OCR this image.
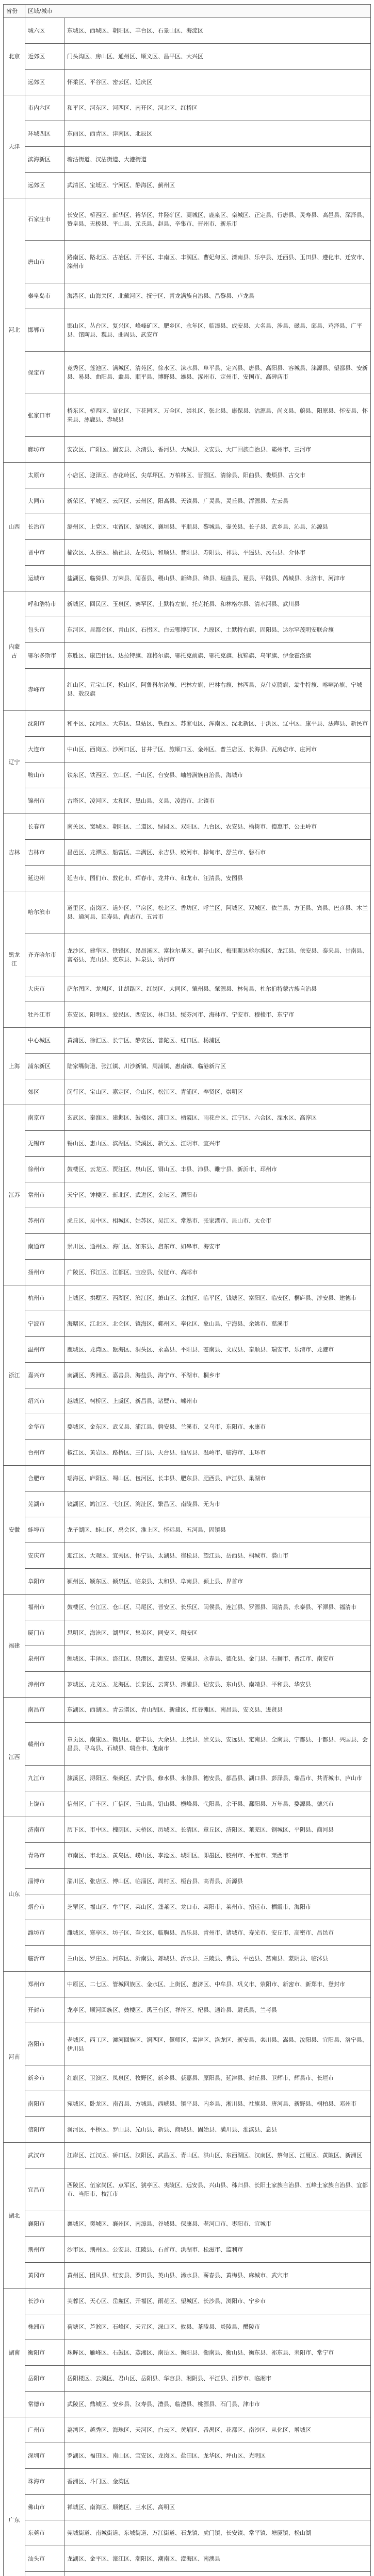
省份	区域/城市	
北京	城六区	东城区、西城区、朝阳区、丰台区、石景山区、海淀区
	近郊区	门头沟区、房山区、通州区、顺义区、昌平区、大兴区
	远郊区	怀柔区、平谷区、密云区、延庆区
天津	市内六区	和平区、河东区、河西区、南开区、河北区、红桥区
	环城四区	东丽区、西青区、津南区、北辰区
	滨海新区	塘沽街道、汉沽街道、大港街道
	远郊区	武清区、宝坻区、宁河区、静海区、蓟州区
河北	石家庄市	长安区、桥西区、新华区、裕华区、井陉矿区、藁城区、鹿泉区、栾城区、正定县、行唐县、灵寿县、高邑县、深泽县、赞皇县、无极县、平山县、元氏县、赵县、辛集市、晋州市、新乐市
	唐山市	路南区、路北区、古冶区、开平区、丰南区、丰润区、曹妃甸区、滦南县、乐亭县、迁西县、玉田县、遵化市、迁安市、滦州市
	秦皇岛市	海港区、山海关区、北戴河区、抚宁区、青龙满族自治县、昌黎县、卢龙县
	邯郸市	邯山区、丛台区、复兴区、峰峰矿区、肥乡区、永年区、临漳县、成安县、大名县、涉县、磁县、邱县、鸡泽县、广平县、馆陶县、魏县、曲周县、武安市
	保定市	竞秀区、莲池区、满城区、清苑区、徐水区、涞水县、阜平县、定兴县、唐县、高阳县、容城县、涞源县、望都县、安新县、易县、曲阳县、蠡县、顺平县、博野县、雄县、涿州市、定州市、安国市、高碑店市
	张家口市	桥东区、桥西区、宣化区、下花园区、万全区、崇礼区、张北县、康保县、沽源县、尚义县、蔚县、阳原县、怀安县、怀来县、涿鹿县、赤城县
	廊坊市	安次区、广阳区、固安县、永清县、香河县、大城县、文安县、大厂回族自治县、霸州市、三河市
山西	太原市	小店区、迎泽区、杏花岭区、尖草坪区、万柏林区、晋源区、清徐县、阳曲县、娄烦县、古交市
	大同市	新荣区、平城区、云冈区、云州区、阳高县、天镇县、广灵县、灵丘县、浑源县、左云县
	长治市	潞州区、上党区、屯留区、潞城区、襄垣县、平顺县、黎城县、壶关县、长子县、武乡县、沁县、沁源县
	晋中市	榆次区、太谷区、榆社县、左权县、和顺县、昔阳县、寿阳县、祁县、平遥县、灵石县、介休市
	运城市	盐湖区、临猗县、万荣县、闻喜县、稷山县、新绛县、绛县、垣曲县、夏县、平陆县、芮城县、永济市、河津市
内蒙古	呼和浩特市	新城区、回民区、玉泉区、赛罕区、土默特左旗、托克托县、和林格尔县、清水河县、武川县
	包头市	东河区、昆都仑区、青山区、石拐区、白云鄂博矿区、九原区、土默特右旗、固阳县、达尔罕茂明安联合旗
	鄂尔多斯市	东胜区、康巴什区、达拉特旗、准格尔旗、鄂托克前旗、鄂托克旗、杭锦旗、乌审旗、伊金霍洛旗
	赤峰市	红山区、元宝山区、松山区、阿鲁科尔沁旗、巴林左旗、巴林右旗、林西县、克什克腾旗、翁牛特旗、喀喇沁旗、宁城县、敖汉旗
辽宁	沈阳市	和平区、沈河区、大东区、皇姑区、铁西区、苏家屯区、浑南区、沈北新区、于洪区、辽中区、康平县、法库县、新民市
	大连市	中山区、西岗区、沙河口区、甘井子区、旅顺口区、金州区、普兰店区、长海县、瓦房店市、庄河市
	鞍山市	铁东区、铁西区、立山区、千山区、台安县、岫岩满族自治县、海城市
	锦州市	古塔区、凌河区、太和区、黑山县、义县、凌海市、北镇市
吉林	长春市	南关区、宽城区、朝阳区、二道区、绿园区、双阳区、九台区、农安县、榆树市、德惠市、公主岭市
	吉林市	昌邑区、龙潭区、船营区、丰满区、永吉县、蛟河市、桦甸市、舒兰市、磐石市
	延边州	延吉市、图们市、敦化市、珲春市、龙井市、和龙市、汪清县、安图县
黑龙江	哈尔滨市	道里区、南岗区、道外区、平房区、松北区、香坊区、呼兰区、阿城区、双城区、依兰县、方正县、宾县、巴彦县、木兰县、通河县、延寿县、尚志市、五常市
	齐齐哈尔市	龙沙区、建华区、铁锋区、昂昂溪区、富拉尔基区、碾子山区、梅里斯达斡尔族区、龙江县、依安县、泰来县、甘南县、富裕县、克山县、克东县、拜泉县、讷河市
	大庆市	萨尔图区、龙凤区、让胡路区、红岗区、大同区、肇州县、肇源县、林甸县、杜尔伯特蒙古族自治县
	牡丹江市	东安区、阳明区、爱民区、西安区、林口县、绥芬河市、海林市、宁安市、穆棱市、东宁市
上海	中心城区	黄浦区、徐汇区、长宁区、静安区、普陀区、虹口区、杨浦区
	浦东新区	陆家嘴街道、张江镇、川沙新镇、周浦镇、惠南镇、临港新片区
	郊区	闵行区、宝山区、嘉定区、金山区、松江区、青浦区、奉贤区、崇明区
江苏	南京市	玄武区、秦淮区、建邺区、鼓楼区、浦口区、栖霞区、雨花台区、江宁区、六合区、溧水区、高淳区
	无锡市	锡山区、惠山区、滨湖区、梁溪区、新吴区、江阴市、宜兴市
	徐州市	鼓楼区、云龙区、贾汪区、泉山区、铜山区、丰县、沛县、睢宁县、新沂市、邳州市
	常州市	天宁区、钟楼区、新北区、武进区、金坛区、溧阳市
	苏州市	虎丘区、吴中区、相城区、姑苏区、吴江区、常熟市、张家港市、昆山市、太仓市
	南通市	崇川区、通州区、海门区、如东县、启东市、如皋市、海安市
	扬州市	广陵区、邗江区、江都区、宝应县、仪征市、高邮市
浙江	杭州市	上城区、拱墅区、西湖区、滨江区、萧山区、余杭区、临平区、钱塘区、富阳区、临安区、桐庐县、淳安县、建德市
	宁波市	海曙区、江北区、北仑区、镇海区、鄞州区、奉化区、象山县、宁海县、余姚市、慈溪市
	温州市	鹿城区、龙湾区、瓯海区、洞头区、永嘉县、平阳县、苍南县、文成县、泰顺县、瑞安市、乐清市、龙港市
	嘉兴市	南湖区、秀洲区、嘉善县、海盐县、海宁市、平湖市、桐乡市
	绍兴市	越城区、柯桥区、上虞区、新昌县、诸暨市、嵊州市
	金华市	婺城区、金东区、武义县、浦江县、磐安县、兰溪市、义乌市、东阳市、永康市
	台州市	椒江区、黄岩区、路桥区、三门县、天台县、仙居县、温岭市、临海市、玉环市
安徽	合肥市	瑶海区、庐阳区、蜀山区、包河区、长丰县、肥东县、肥西县、庐江县、巢湖市
	芜湖市	镜湖区、鸠江区、弋江区、湾沚区、繁昌区、南陵县、无为市
	蚌埠市	龙子湖区、蚌山区、禹会区、淮上区、怀远县、五河县、固镇县
	安庆市	迎江区、大观区、宜秀区、怀宁县、太湖县、宿松县、望江县、岳西县、桐城市、潜山市
	阜阳市	颍州区、颍东区、颍泉区、临泉县、太和县、阜南县、颍上县、界首市
福建	福州市	鼓楼区、台江区、仓山区、马尾区、晋安区、长乐区、闽侯县、连江县、罗源县、闽清县、永泰县、平潭县、福清市
	厦门市	思明区、海沧区、湖里区、集美区、同安区、翔安区
	泉州市	鲤城区、丰泽区、洛江区、泉港区、惠安县、安溪县、永春县、德化县、金门县、石狮市、晋江市、南安市
	漳州市	芗城区、龙文区、龙海区、长泰区、云霄县、漳浦县、诏安县、东山县、南靖县、平和县、华安县
江西	南昌市	东湖区、西湖区、青云谱区、青山湖区、新建区、红谷滩区、南昌县、安义县、进贤县
	赣州市	章贡区、南康区、赣县区、信丰县、大余县、上犹县、崇义县、安远县、定南县、全南县、宁都县、于都县、兴国县、会昌县、寻乌县、石城县、瑞金市、龙南市
	九江市	濂溪区、浔阳区、柴桑区、武宁县、修水县、永修县、德安县、都昌县、湖口县、彭泽县、瑞昌市、共青城市、庐山市
	上饶市	信州区、广丰区、广信区、玉山县、铅山县、横峰县、弋阳县、余干县、鄱阳县、万年县、婺源县、德兴市
山东	济南市	历下区、市中区、槐荫区、天桥区、历城区、长清区、章丘区、济阳区、莱芜区、钢城区、平阴县、商河县
	青岛市	市南区、市北区、黄岛区、崂山区、李沧区、城阳区、即墨区、胶州市、平度市、莱西市
	淄博市	淄川区、张店区、博山区、临淄区、周村区、桓台县、高青县、沂源县
	烟台市	芝罘区、福山区、牟平区、莱山区、蓬莱区、龙口市、莱阳市、莱州市、招远市、栖霞市、海阳市
	潍坊市	潍城区、寒亭区、坊子区、奎文区、临朐县、昌乐县、青州市、诸城市、寿光市、安丘市、高密市、昌邑市
	临沂市	兰山区、罗庄区、河东区、沂南县、郯城县、沂水县、兰陵县、费县、平邑县、莒南县、蒙阴县、临沭县
河南	郑州市	中原区、二七区、管城回族区、金水区、上街区、惠济区、中牟县、巩义市、荥阳市、新密市、新郑市、登封市
	开封市	龙亭区、顺河回族区、鼓楼区、禹王台区、祥符区、杞县、通许县、尉氏县、兰考县
	洛阳市	老城区、西工区、瀍河回族区、涧西区、偃师区、孟津区、洛龙区、新安县、栾川县、嵩县、汝阳县、宜阳县、洛宁县、伊川县
	新乡市	红旗区、卫滨区、凤泉区、牧野区、新乡县、获嘉县、原阳县、延津县、封丘县、卫辉市、辉县市、长垣市
	南阳市	宛城区、卧龙区、南召县、方城县、西峡县、镇平县、内乡县、淅川县、社旗县、唐河县、新野县、桐柏县、邓州市
	信阳市	浉河区、平桥区、罗山县、光山县、新县、商城县、固始县、潢川县、淮滨县、息县
湖北	武汉市	江岸区、江汉区、硚口区、汉阳区、武昌区、青山区、洪山区、东西湖区、汉南区、蔡甸区、江夏区、黄陂区、新洲区
	宜昌市	西陵区、伍家岗区、点军区、猇亭区、夷陵区、远安县、兴山县、秭归县、长阳土家族自治县、五峰土家族自治县、宜都市、当阳市、枝江市
	襄阳市	襄城区、樊城区、襄州区、南漳县、谷城县、保康县、老河口市、枣阳市、宜城市
	荆州市	沙市区、荆州区、公安县、江陵县、石首市、洪湖市、松滋市、监利市
	黄冈市	黄州区、团风县、红安县、罗田县、英山县、浠水县、蕲春县、黄梅县、麻城市、武穴市
湖南	长沙市	芙蓉区、天心区、岳麓区、开福区、雨花区、望城区、长沙县、浏阳市、宁乡市
	株洲市	荷塘区、芦淞区、石峰区、天元区、渌口区、攸县、茶陵县、炎陵县、醴陵市
	衡阳市	珠晖区、雁峰区、石鼓区、蒸湘区、南岳区、衡阳县、衡南县、衡山县、衡东县、祁东县、耒阳市、常宁市
	岳阳市	岳阳楼区、云溪区、君山区、岳阳县、华容县、湘阴县、平江县、汨罗市、临湘市
	常德市	武陵区、鼎城区、安乡县、汉寿县、澧县、临澧县、桃源县、石门县、津市市
广东	广州市	荔湾区、越秀区、海珠区、天河区、白云区、黄埔区、番禺区、花都区、南沙区、从化区、增城区
	深圳市	罗湖区、福田区、南山区、宝安区、龙岗区、盐田区、龙华区、坪山区、光明区
	珠海市	香洲区、斗门区、金湾区
	佛山市	禅城区、南海区、顺德区、三水区、高明区
	东莞市	莞城街道、南城街道、东城街道、万江街道、石龙镇、虎门镇、长安镇、常平镇、塘厦镇、松山湖
	汕头市	龙湖区、金平区、濠江区、潮阳区、潮南区、澄海区、南澳县
